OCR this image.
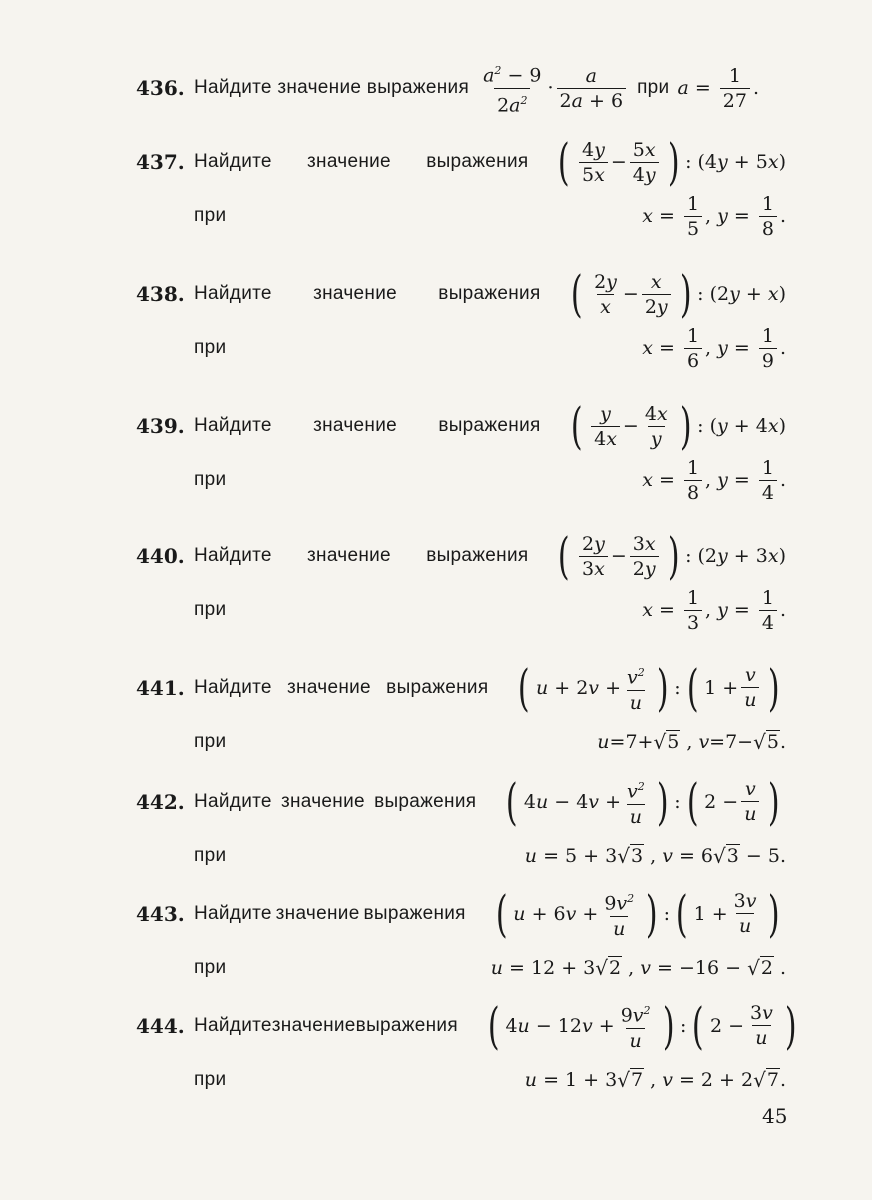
436. Найдите значение выражения $\frac{a^2 - 9}{2a^2} \cdot \frac{a}{2a + 6}$ при $a = \frac{1}{27}$ .
437. Найдите значение выражения ( $\frac{4y}{5x} - \frac{5x}{4y}$ ) : (4 y + 5 x )
при	$x = \frac{1}{5}$ , $y = \frac{1}{8}$ .
438. Найдите значение выражения ( $\frac{2y}{x} - \frac{x}{2y}$ ) : (2 y + x )
при	$x = \frac{1}{6}$ , $y = \frac{1}{9}$ .
439. Найдите значение выражения ( $\frac{y}{4x} - \frac{4x}{y}$ ) : ( y + 4 x )
при	$x = \frac{1}{8}$ , $y = \frac{1}{4}$ .
440. Найдите значение выражения ( $\frac{2y}{3x} - \frac{3x}{2y}$ ) : (2 y + 3 x )
при	$x = \frac{1}{3}$ , $y = \frac{1}{4}$ .
441. Найдите значение выражения ( u + 2 $v + \frac{v^2}{u}$ ) : ( $1 + \frac{v}{u}$ )
при	u =7+ √ 5 , v =7− √ 5 .
442. Найдите значение выражения ( 4 u − 4 $v + \frac{v^2}{u}$ ) : ( $2 - \frac{v}{u}$ )
при	u = 5 + 3 √ 3 , v = 6 √ 3 − 5.
443. Найдите значение выражения ( u + 6 $v + \frac{9v^2}{u}$ ) : ( $1 + \frac{3v}{u}$ )
при	u = 12 + 3 √ 2 , v = −16 − √ 2 .
444. Найдите значение выражения ( 4 u − 12 $v + \frac{9v^2}{u}$ ) : ( $2 - \frac{3v}{u}$ )
при	u = 1 + 3 √ 7 , v = 2 + 2 √ 7 .
45
